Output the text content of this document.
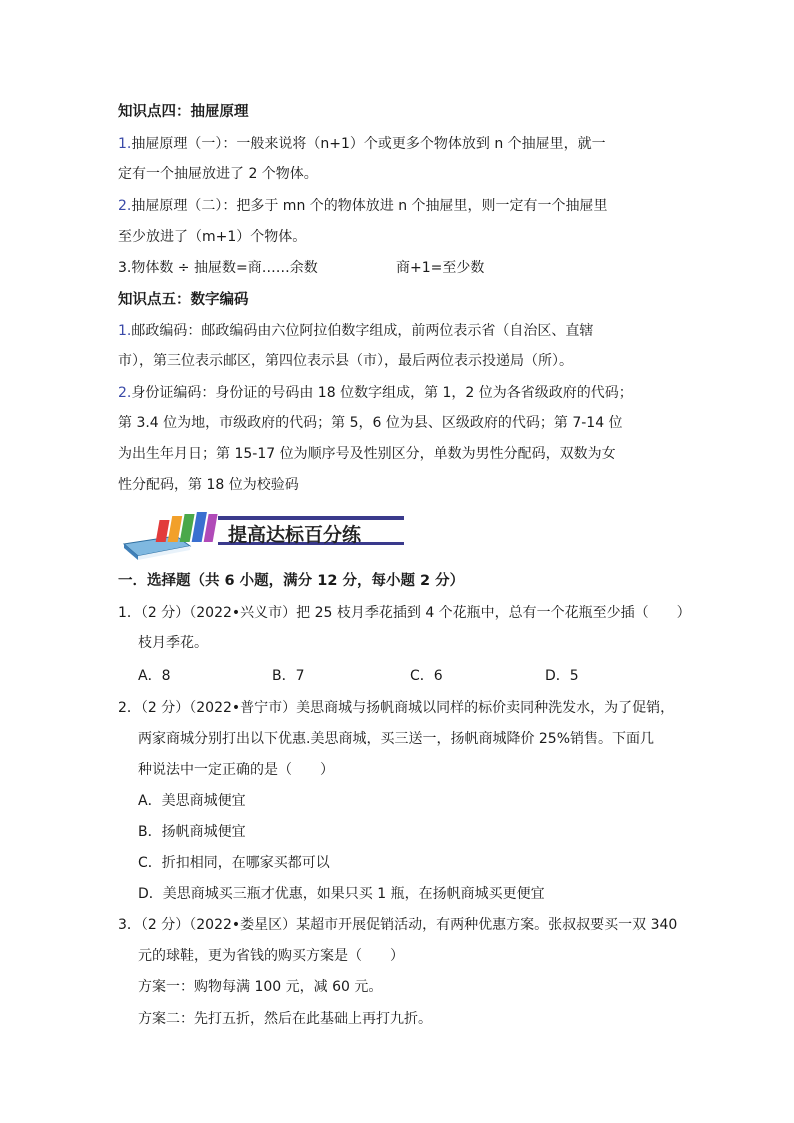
知识点四：抽屉原理
1.抽屉原理（一）：一般来说将（n+1）个或更多个物体放到 n 个抽屉里，就一
定有一个抽屉放进了 2 个物体。
2.抽屉原理（二）：把多于 mn 个的物体放进 n 个抽屉里，则一定有一个抽屉里
至少放进了（m+1）个物体。
3.物体数 ÷ 抽屉数=商……余数	商+1=至少数
知识点五：数字编码
1.邮政编码：邮政编码由六位阿拉伯数字组成，前两位表示省（自治区、直辖
市），第三位表示邮区，第四位表示县（市），最后两位表示投递局（所）。
2.身份证编码：身份证的号码由 18 位数字组成，第 1，2 位为各省级政府的代码；
第 3.4 位为地，市级政府的代码；第 5，6 位为县、区级政府的代码；第 7-14 位
为出生年月日；第 15-17 位为顺序号及性别区分，单数为男性分配码，双数为女
性分配码，第 18 位为校验码
提高达标百分练
一．选择题（共 6 小题，满分 12 分，每小题 2 分）
1．（2 分）（2022•兴义市）把 25 枝月季花插到 4 个花瓶中，总有一个花瓶至少插（　　）
枝月季花。
A．8	B．7	C．6	D．5
2．（2 分）（2022•普宁市）美思商城与扬帆商城以同样的标价卖同种洗发水，为了促销，
两家商城分别打出以下优惠.美思商城，买三送一，扬帆商城降价 25%销售。下面几
种说法中一定正确的是（　　）
A．美思商城便宜
B．扬帆商城便宜
C．折扣相同，在哪家买都可以
D．美思商城买三瓶才优惠，如果只买 1 瓶，在扬帆商城买更便宜
3．（2 分）（2022•娄星区）某超市开展促销活动，有两种优惠方案。张叔叔要买一双 340
元的球鞋，更为省钱的购买方案是（　　）
方案一：购物每满 100 元，减 60 元。
方案二：先打五折，然后在此基础上再打九折。
